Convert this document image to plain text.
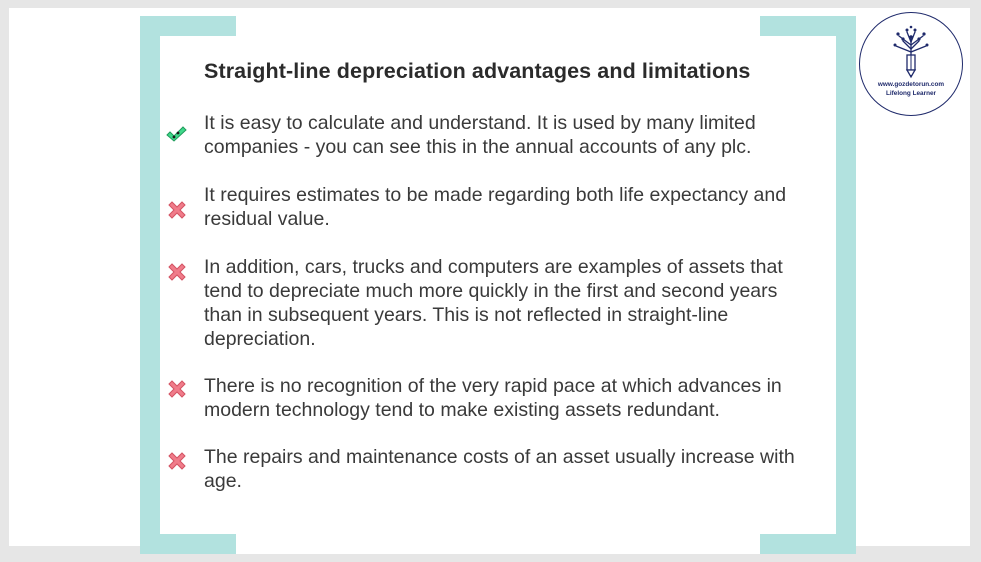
Straight-line depreciation advantages and limitations
It is easy to calculate and understand. It is used by many limited companies - you can see this in the annual accounts of any plc.
It requires estimates to be made regarding both life expectancy and residual value.
In addition, cars, trucks and computers are examples of assets that tend to depreciate much more quickly in the first and second years than in subsequent years. This is not reflected in straight-line depreciation.
There is no recognition of the very rapid pace at which advances in modern technology tend to make existing assets redundant.
The repairs and maintenance costs of an asset usually increase with age.
www.gozdetorun.com
Lifelong Learner
